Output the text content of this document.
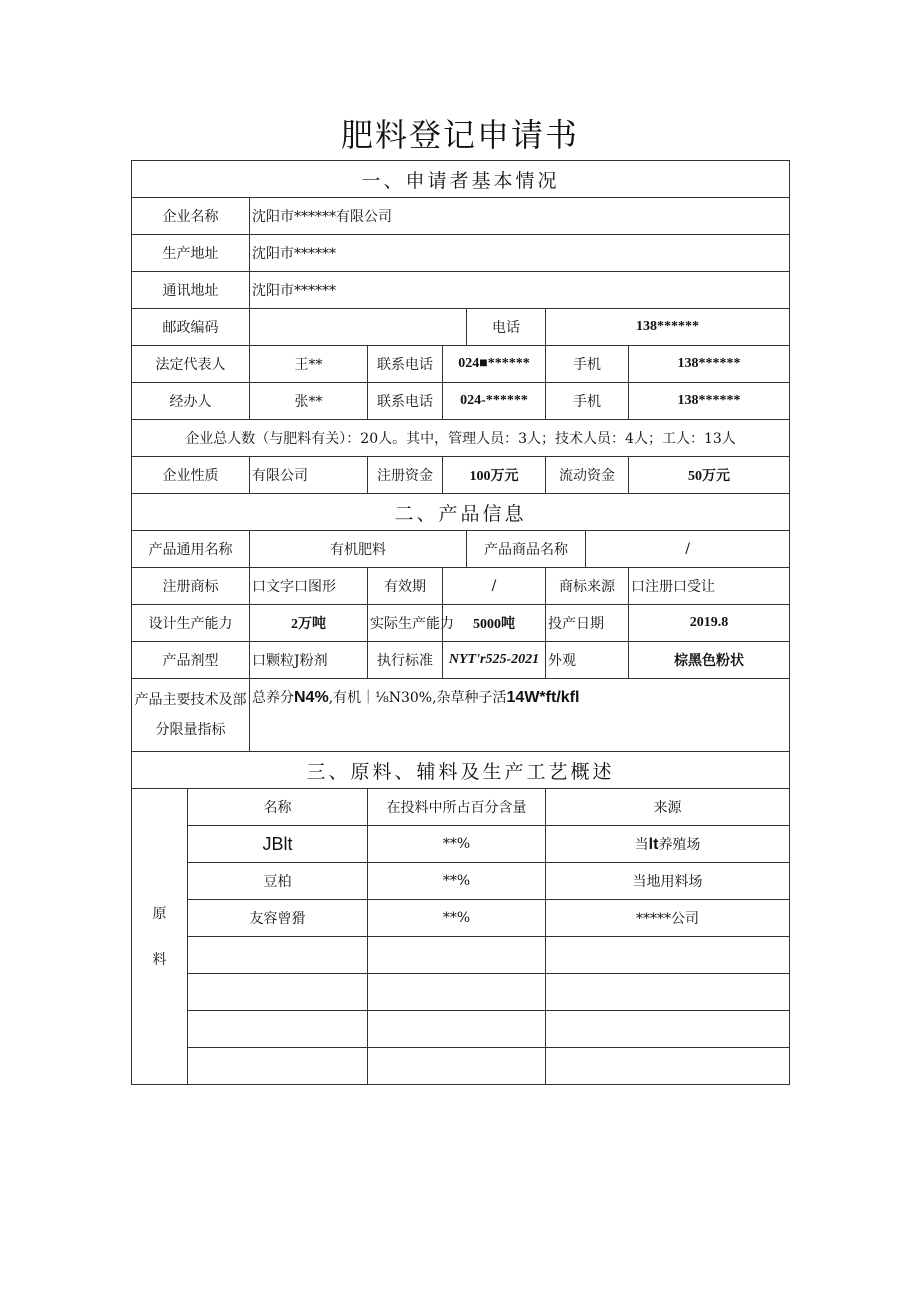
肥料登记申请书
一、申请者基本情况								
企业名称		沈阳市******有限公司						
生产地址		沈阳市******						
通讯地址		沈阳市******						
邮政编码					电话	138******		
法定代表人		王**	联系电话	024■******		手机		138******
经办人		张**	联系电话	024-******		手机		138******
企业总人数（与肥料有关）：20人。其中，管理人员：3人；技术人员：4人；工人：13人								
企业性质		有限公司	注册资金	100万元		流动资金		50万元
二、产品信息								
产品通用名称		有机肥料			产品商品名称		/	
注册商标		口文字口图形	有效期	/		商标来源		口注册口受让
设计生产能力		2万吨	实际生产能力	5000吨		投产日期		2019.8
产品剂型		口颗粒J粉剂	执行标准	NYT'r525-2021		外观		棕黑色粉状
产品主要技术及部分限量指标		总养分N4%,有机｜⅛N30%,杂草种子活14W*ft/kfl						
三、原料、辅料及生产工艺概述								
原
料	名称		在投料中所占百分含量			来源		
	JBlt		**%			当lt养殖场		
	豆柏		**%			当地用料场		
	友容曾猾		**%			*****公司		
